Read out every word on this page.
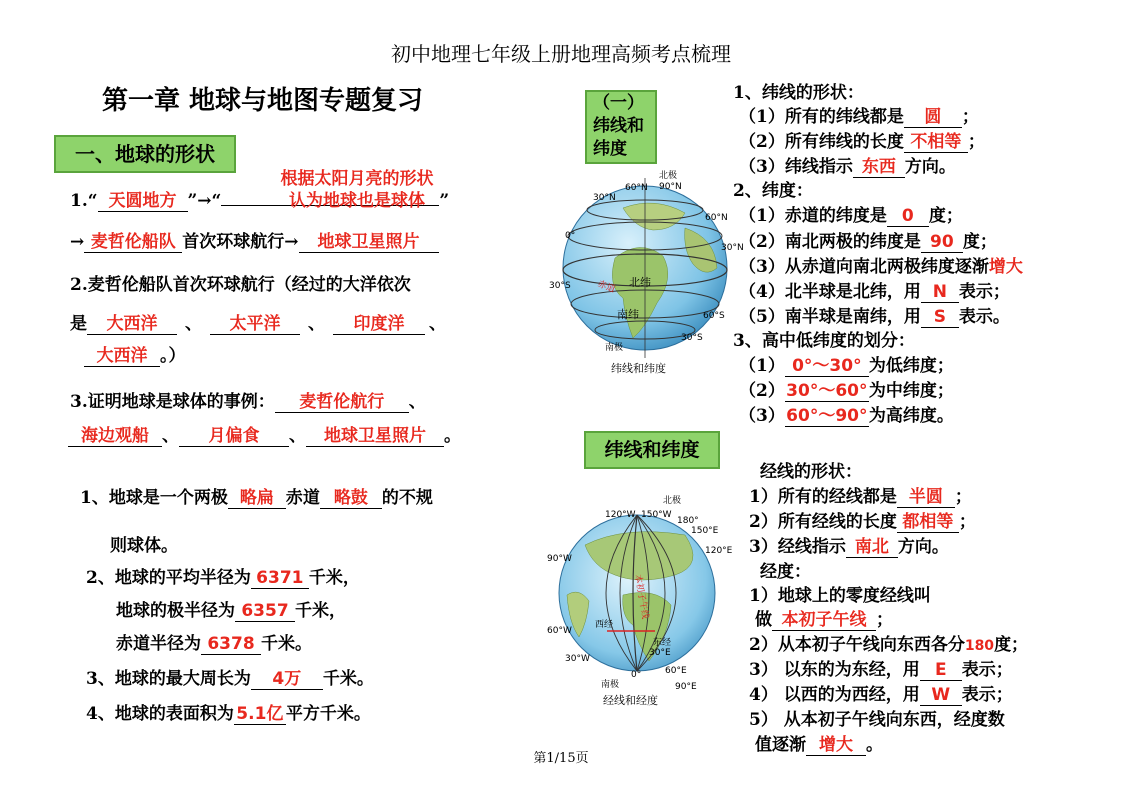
初中地理七年级上册地理高频考点梳理
第一章 地球与地图专题复习
一、地球的形状
1.“ 天圆地方 ”→“	”
根据太阳月亮的形状
认为地球也是球体
→ 麦哲伦船队 首次环球航行→ 地球卫星照片
2.麦哲伦船队首次环球航行（经过的大洋依次
是 大西洋 、 太平洋 、 印度洋 、
大西洋 。）
3.证明地球是球体的事例： 麦哲伦航行 、
海边观船 、 月偏食 、 地球卫星照片 。
1、地球是一个两极 略扁 赤道 略鼓 的不规
则球体。
2、地球的平均半径为 6371 千米，
地球的极半径为 6357 千米，
赤道半径为 6378 千米。
3、地球的最大周长为 4万 千米。
4、地球的表面积为 5.1亿 平方千米。
（一）
纬线和
纬度
北极
90°N
60°N
30°N
60°N
0°
30°N
30°S
60°S
30°S
南极
赤道 北纬
南纬
纬线和纬度
1、纬线的形状：
（1）所有的纬线都是 圆 ；
（2）所有纬线的长度 不相等 ；
（3）纬线指示 东西 方向。
2、纬度：
（1）赤道的纬度是 0 度；
（2）南北两极的纬度是 90 度；
（3）从赤道向南北两极纬度逐渐增大
（4）北半球是北纬，用 N 表示；
（5）南半球是南纬，用 S 表示。
3、高中低纬度的划分：
（1） 0°～30° 为低纬度；
（2）30°～60°为中纬度；
（3）60°～90°为高纬度。
纬线和纬度
北极
120°W 150°W
180°
150°E
120°E
90°W
60°W
30°W
0°
30°E
60°E
90°E
南极
西经
东经
本初子午线
经线和经度
经线的形状：
1）所有的经线都是 半圆 ；
2）所有经线的长度 都相等 ；
3）经线指示 南北 方向。
经度：
1）地球上的零度经线叫
做 本初子午线 ；
2）从本初子午线向东西各分180度；
3） 以东的为东经，用 E 表示；
4） 以西的为西经，用 W 表示；
5） 从本初子午线向东西，经度数
值逐渐 增大 。
第1/15页
